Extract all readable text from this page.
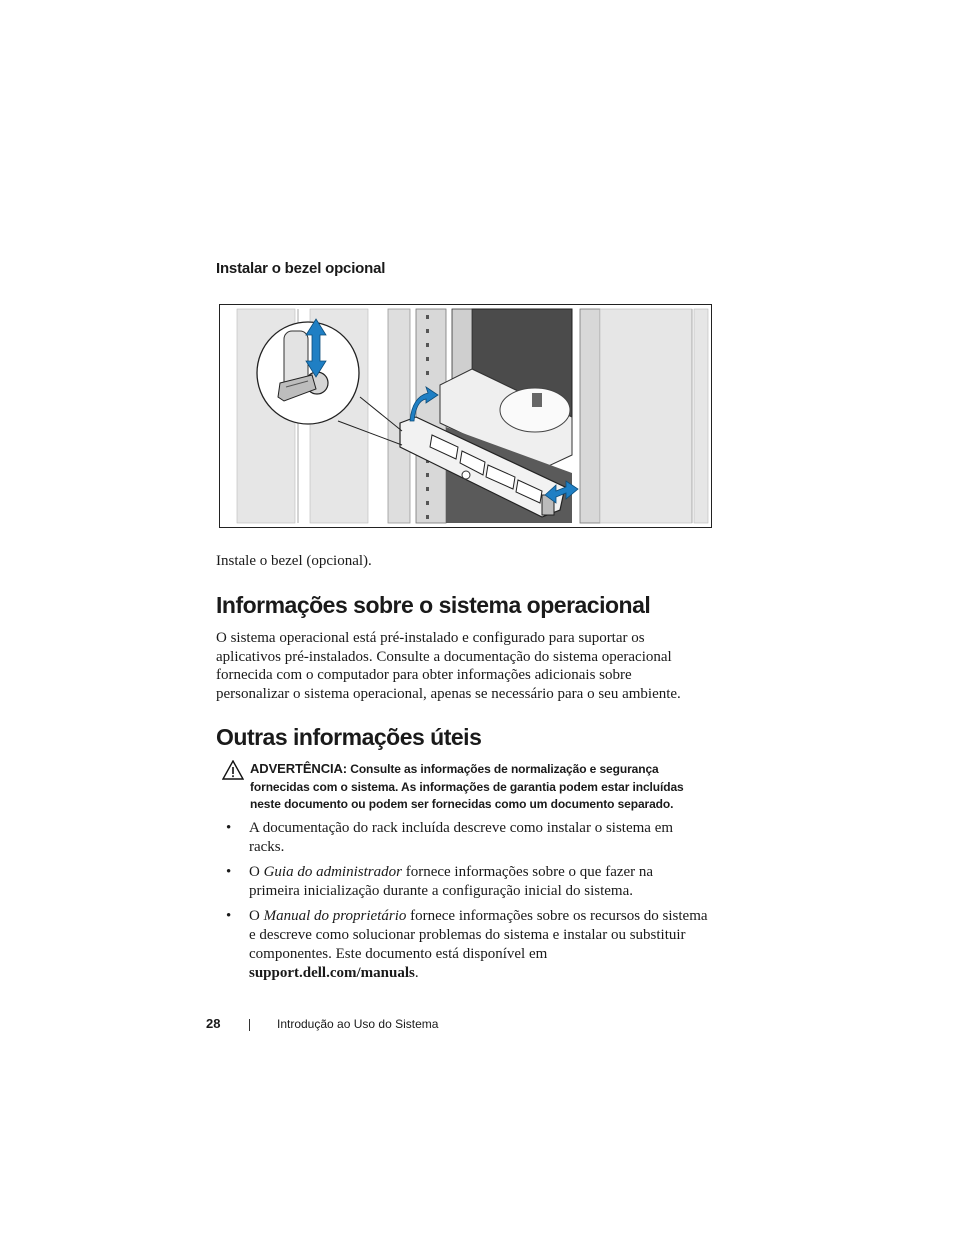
Instalar o bezel opcional
Instale o bezel (opcional).
Informações sobre o sistema operacional
O sistema operacional está pré-instalado e configurado para suportar os
aplicativos pré-instalados. Consulte a documentação do sistema operacional
fornecida com o computador para obter informações adicionais sobre
personalizar o sistema operacional, apenas se necessário para o seu ambiente.
Outras informações úteis
ADVERTÊNCIA: Consulte as informações de normalização e segurança
fornecidas com o sistema. As informações de garantia podem estar incluídas
neste documento ou podem ser fornecidas como um documento separado.
• A documentação do rack incluída descreve como instalar o sistema em
racks.
• O Guia do administrador fornece informações sobre o que fazer na
primeira inicialização durante a configuração inicial do sistema.
• O Manual do proprietário fornece informações sobre os recursos do sistema
e descreve como solucionar problemas do sistema e instalar ou substituir
componentes. Este documento está disponível em
support.dell.com/manuals.
28	Introdução ao Uso do Sistema
